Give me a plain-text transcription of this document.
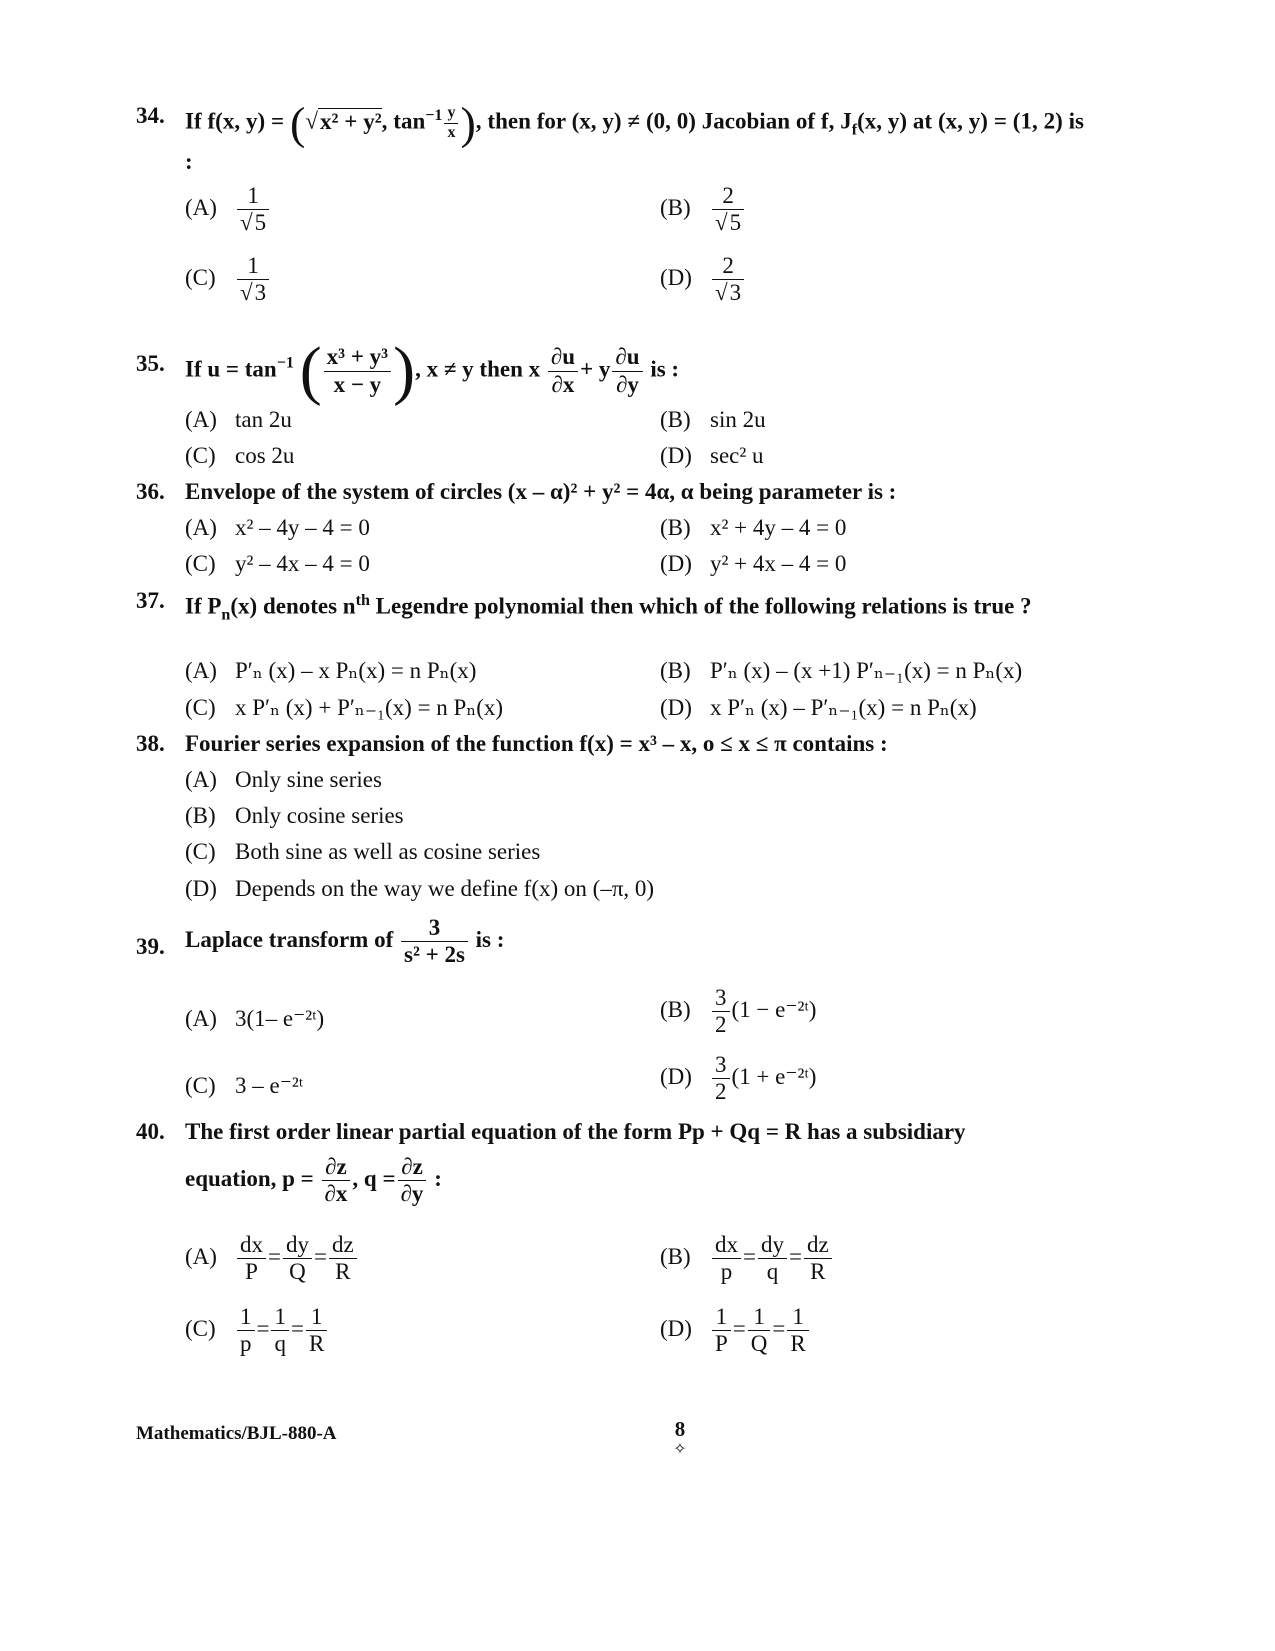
34. If f(x, y) = (√x² + y², $\tan^{-1} \frac{y}{x}$ ), then for (x, y) ≠ (0, 0) Jacobian of f, $J_f(x$, y) at (x, y) = (1, 2) is :
$(A) \frac{1}{√5}$	$(B) \frac{2}{√5}$
$(C) \frac{1}{√3}$	$(D) \frac{2}{√3}$
35. If $u = \tan^{-1}$ ( $\frac{\text{x³ + y³}}{x - y}$ ), x ≠ y then x $\frac{\partial u}{\partial x} + y \frac{\partial u}{\partial y}$ is :
(A) tan 2u	(B) sin 2u
(C) cos 2u	(D) sec² u
36. Envelope of the system of circles (x – α)² + y² = 4α, α being parameter is :
(A) x² – 4y – 4 = 0	(B) x² + 4y – 4 = 0
(C) y² – 4x – 4 = 0	(D) y² + 4x – 4 = 0
37. If $P_n(x)$ denotes $n^{th}$ Legendre polynomial then which of the following relations is true ?
(A) P′ₙ (x) – x Pₙ(x) = n Pₙ(x)	(B) P′ₙ (x) – (x +1) P′ₙ₋₁(x) = n Pₙ(x)
(C) x P′ₙ (x) + P′ₙ₋₁(x) = n Pₙ(x)	(D) x P′ₙ (x) – P′ₙ₋₁(x) = n Pₙ(x)
38. Fourier series expansion of the function f(x) = x³ – x, o ≤ x ≤ π contains :
(A) Only sine series
(B) Only cosine series
(C) Both sine as well as cosine series
(D) Depends on the way we define f(x) on (–π, 0)
39. Laplace transform of $\frac{3}{\text{s² + 2s}}$ is :
(A) 3(1– e⁻²ᵗ)	$(B) \frac{3}{2} (1$ − e⁻²ᵗ)
(C) 3 – e⁻²ᵗ	$(D) \frac{3}{2} (1$ + e⁻²ᵗ)
40. The first order linear partial equation of the form Pp + Qq = R has a subsidiary
equation, $p = \frac{\partial z}{\partial x}$ , $q = \frac{\partial z}{\partial y}$ :
$(A) \frac{dx}{P} = \frac{dy}{Q} = \frac{dz}{R}$	$(B) \frac{dx}{p} = \frac{dy}{q} = \frac{dz}{R}$
$(C) \frac{1}{p} = \frac{1}{q} = \frac{1}{R}$	$(D) \frac{1}{P} = \frac{1}{Q} = \frac{1}{R}$
Mathematics/BJL-880-A	8
✧
